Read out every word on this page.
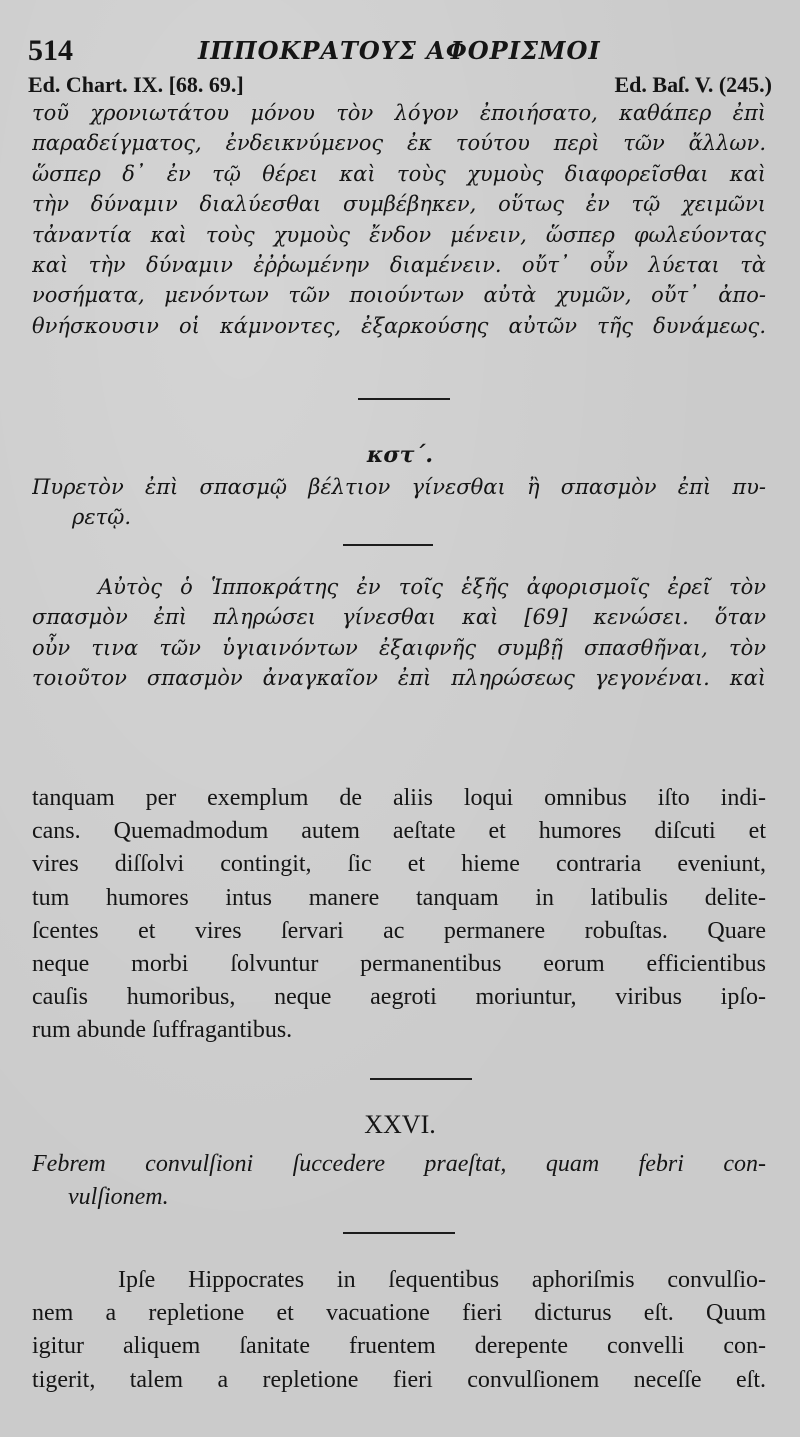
514	ΙΠΠΟΚΡΑΤΟΥΣ ΑΦΟΡΙΣΜΟΙ
Ed. Chart. IX. [68. 69.]	Ed. Baſ. V. (245.)
τοῦ χρονιωτάτου μόνου τὸν λόγον ἐποιήσατο, καθάπερ ἐπὶ
παραδείγματος, ἐνδεικνύμενος ἐκ τούτου περὶ τῶν ἄλλων.
ὥσπερ δ᾽ ἐν τῷ θέρει καὶ τοὺς χυμοὺς διαφορεῖσθαι καὶ
τὴν δύναμιν διαλύεσθαι συμβέβηκεν, οὕτως ἐν τῷ χειμῶνι
τἀναντία καὶ τοὺς χυμοὺς ἔνδον μένειν, ὥσπερ φωλεύοντας
καὶ τὴν δύναμιν ἐῤῥωμένην διαμένειν. οὔτ᾽ οὖν λύεται τὰ
νοσήματα, μενόντων τῶν ποιούντων αὐτὰ χυμῶν, οὔτ᾽ ἀπο-
θνήσκουσιν οἱ κάμνοντες, ἐξαρκούσης αὐτῶν τῆς δυνάμεως.
κστ΄.
Πυρετὸν ἐπὶ σπασμῷ βέλτιον γίνεσθαι ἢ σπασμὸν ἐπὶ πυ-
ρετῷ.
Αὐτὸς ὁ Ἱπποκράτης ἐν τοῖς ἑξῆς ἀφορισμοῖς ἐρεῖ τὸν
σπασμὸν ἐπὶ πληρώσει γίνεσθαι καὶ [69] κενώσει. ὅταν
οὖν τινα τῶν ὑγιαινόντων ἐξαιφνῆς συμβῇ σπασθῆναι, τὸν
τοιοῦτον σπασμὸν ἀναγκαῖον ἐπὶ πληρώσεως γεγονέναι. καὶ
tanquam per exemplum de aliis loqui omnibus iſto indi-
cans. Quemadmodum autem aeſtate et humores diſcuti et
vires diſſolvi contingit, ſic et hieme contraria eveniunt,
tum humores intus manere tanquam in latibulis delite-
ſcentes et vires ſervari ac permanere robuſtas. Quare
neque morbi ſolvuntur permanentibus eorum efficientibus
cauſis humoribus, neque aegroti moriuntur, viribus ipſo-
rum abunde ſuffragantibus.
XXVI.
Febrem convulſioni ſuccedere praeſtat, quam febri con-
vulſionem.
Ipſe Hippocrates in ſequentibus aphoriſmis convulſio-
nem a repletione et vacuatione fieri dicturus eſt. Quum
igitur aliquem ſanitate fruentem derepente convelli con-
tigerit, talem a repletione fieri convulſionem neceſſe eſt.
